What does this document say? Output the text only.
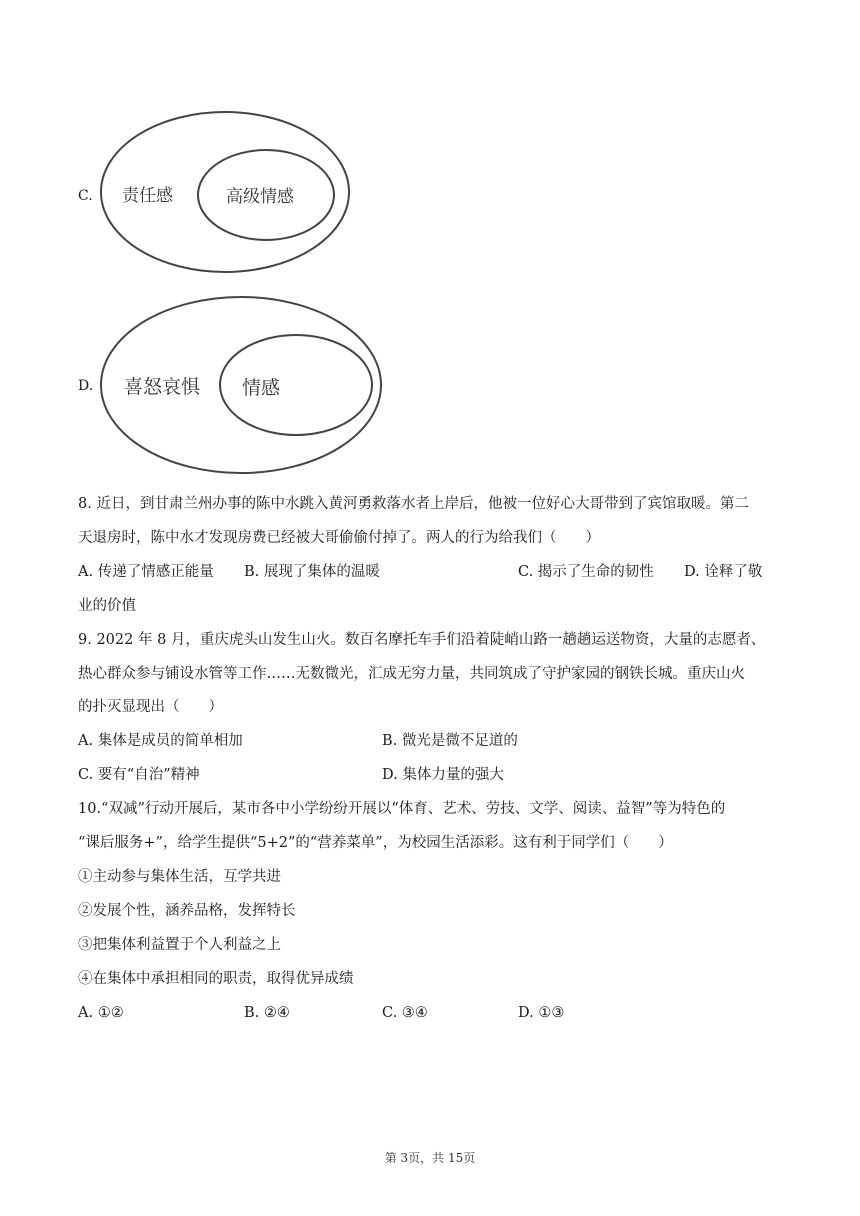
C. 责任感	高级情感
D. 喜怒哀惧 情感
8. 近日，到甘肃兰州办事的陈中水跳入黄河勇救落水者上岸后，他被一位好心大哥带到了宾馆取暖。第二
天退房时，陈中水才发现房费已经被大哥偷偷付掉了。两人的行为给我们（　　）
A. 传递了情感正能量 B. 展现了集体的温暖	C. 揭示了生命的韧性 D. 诠释了敬
业的价值
9. 2022 年 8 月，重庆虎头山发生山火。数百名摩托车手们沿着陡峭山路一趟趟运送物资，大量的志愿者、
热心群众参与铺设水管等工作……无数微光，汇成无穷力量，共同筑成了守护家园的钢铁长城。重庆山火
的扑灭显现出（　　）
A. 集体是成员的简单相加	B. 微光是微不足道的
C. 要有“自治”精神	D. 集体力量的强大
10.“双减”行动开展后，某市各中小学纷纷开展以“体育、艺术、劳技、文学、阅读、益智”等为特色的
“课后服务+”，给学生提供“5+2”的“营养菜单”，为校园生活添彩。这有利于同学们（　　）
①主动参与集体生活，互学共进
②发展个性，涵养品格，发挥特长
③把集体利益置于个人利益之上
④在集体中承担相同的职责，取得优异成绩
A. ①②	B. ②④	C. ③④	D. ①③
第 3页，共 15页
